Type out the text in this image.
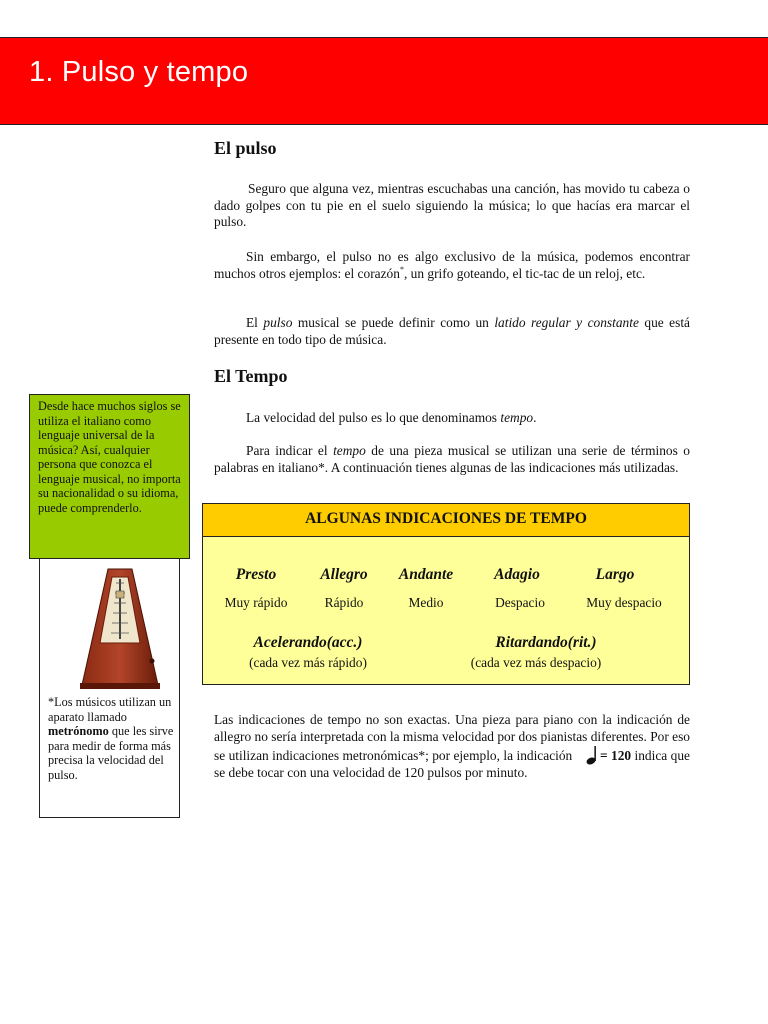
1. Pulso y tempo
El pulso

Seguro que alguna vez, mientras escuchabas una canción, has movido tu cabeza o dado golpes con tu pie en el suelo siguiendo la música; lo que hacías era marcar el pulso.

Sin embargo, el pulso no es algo exclusivo de la música, podemos encontrar muchos otros ejemplos: el corazón*, un grifo goteando, el tic-tac de un reloj, etc.

El pulso musical se puede definir como un latido regular y constante que está presente en todo tipo de música.

El Tempo

La velocidad del pulso es lo que denominamos tempo.

Para indicar el tempo de una pieza musical se utilizan una serie de términos o palabras en italiano*. A continuación tienes algunas de las indicaciones más utilizadas.

ALGUNAS INDICACIONES DE TEMPO
Presto
Muy rápido
Allegro
Rápido
Andante
Medio
Adagio
Despacio
Largo
Muy despacio
Acelerando(acc.)
(cada vez más rápido)
Ritardando(rit.)
(cada vez más despacio)

Las indicaciones de tempo no son exactas. Una pieza para piano con la indicación de allegro no sería interpretada con la misma velocidad por dos pianistas diferentes. Por eso se utilizan indicaciones metronómicas*; por ejemplo, la indicación = 120 indica que se debe tocar con una velocidad de 120 pulsos por minuto.

Desde hace muchos siglos se utiliza el italiano como lenguaje universal de la música? Así, cualquier persona que conozca el lenguaje musical, no importa su nacionalidad o su idioma, puede comprenderlo.
*Los músicos utilizan un aparato llamado metrónomo que les sirve para medir de forma más precisa la velocidad del pulso.
